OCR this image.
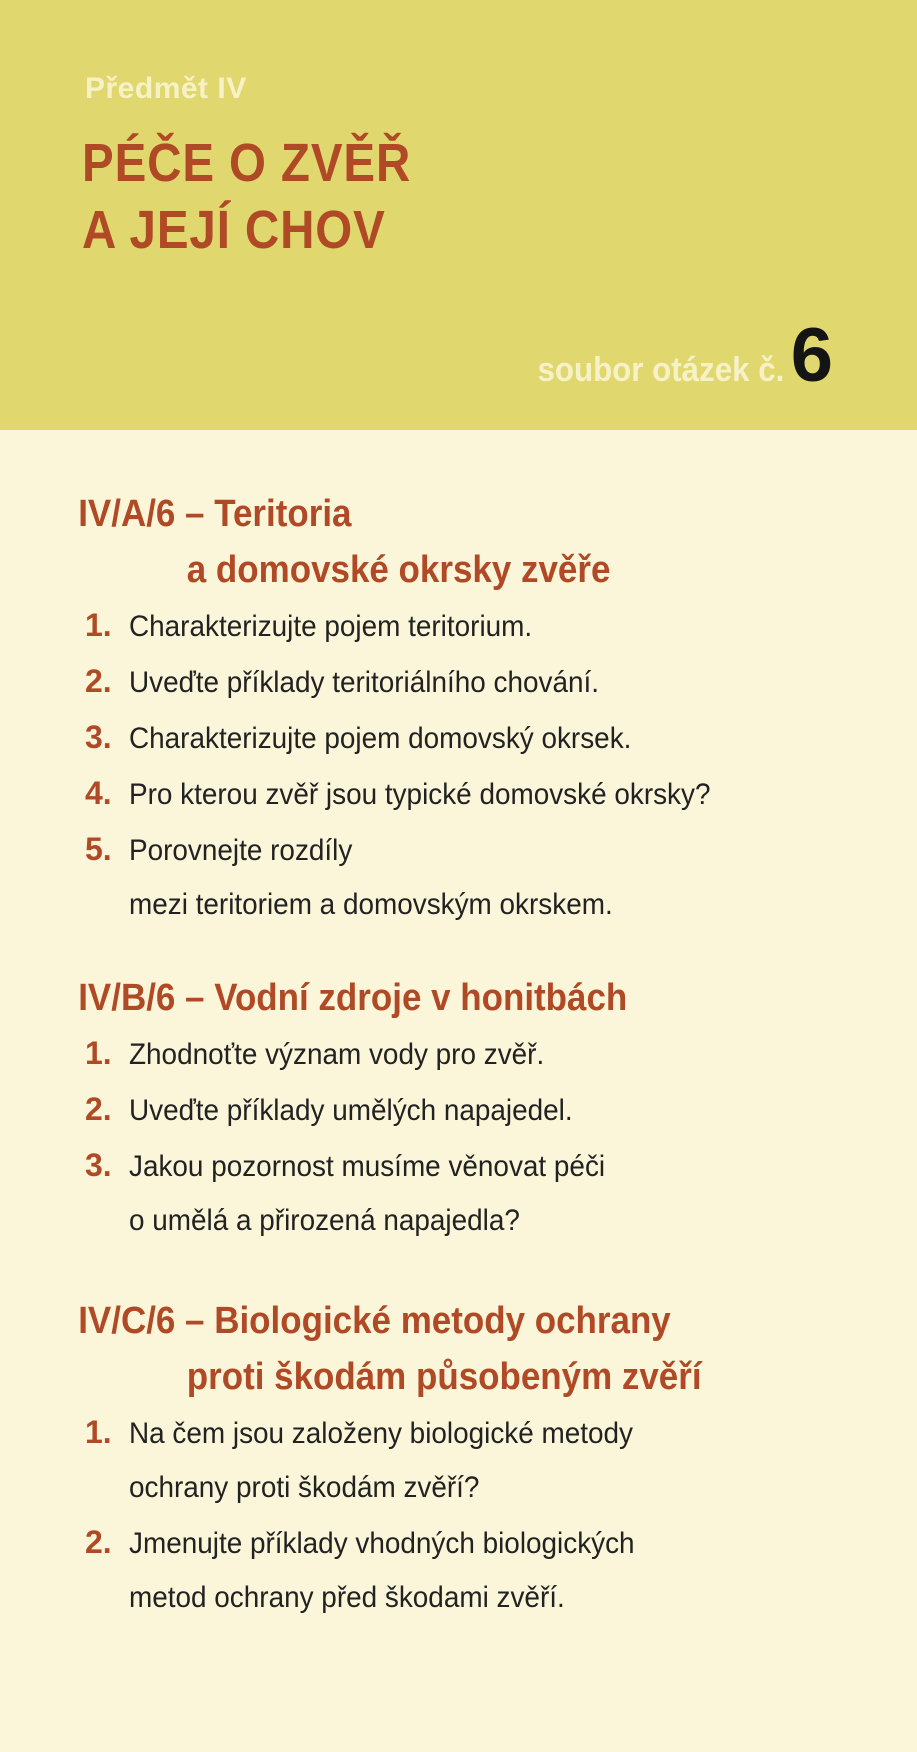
Předmět IV
PÉČE O ZVĚŘ
A JEJÍ CHOV
soubor otázek č. 6
IV/A/6 – Teritoria
a domovské okrsky zvěře
1. Charakterizujte pojem teritorium.
2. Uveďte příklady teritoriálního chování.
3. Charakterizujte pojem domovský okrsek.
4. Pro kterou zvěř jsou typické domovské okrsky?
5. Porovnejte rozdíly
mezi teritoriem a domovským okrskem.
IV/B/6 – Vodní zdroje v honitbách
1. Zhodnoťte význam vody pro zvěř.
2. Uveďte příklady umělých napajedel.
3. Jakou pozornost musíme věnovat péči
o umělá a přirozená napajedla?
IV/C/6 – Biologické metody ochrany
proti škodám působeným zvěří
1. Na čem jsou založeny biologické metody
ochrany proti škodám zvěří?
2. Jmenujte příklady vhodných biologických
metod ochrany před škodami zvěří.
